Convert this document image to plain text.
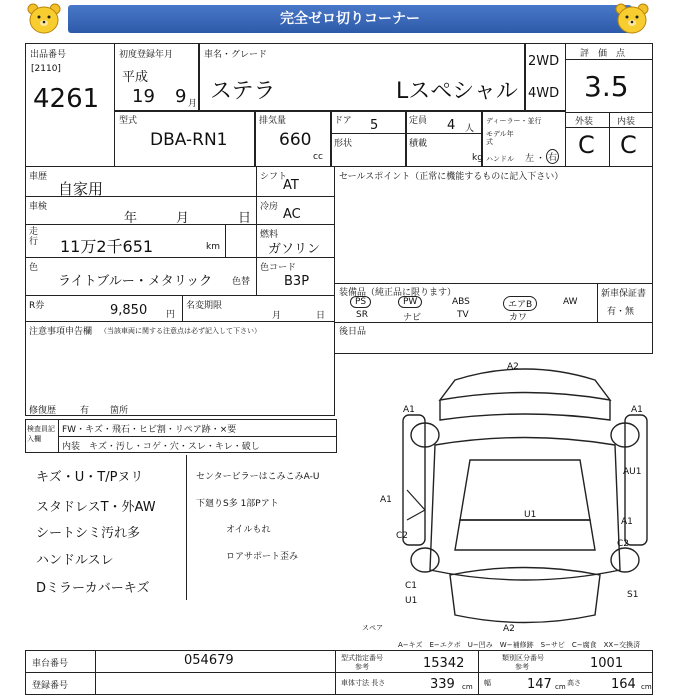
完全ゼロ切りコーナー
出品番号
[2110]
4261
初度登録年月
平成
19 9 月
車名・グレード
ステラ	Lスペシャル
2WD
4WD
型式
DBA-RN1
排気量
660
cc
ドア 5	定員 4 人
ディーラー・並行
形状	積載
kg
モデル年式
ハンドル 左 ・ 右
評　価　点
3.5
外装	内装
C C
車歴
自家用
シフト
AT
車検
年	月	日
冷房 AC
走行 11万2千651	km
燃料
ガソリン
色
ライトブルー・メタリック 色替
色コード
B3P
R券	9,850 円
名変期限
月	日
注意事項申告欄 （当該車両に関する注意点は必ず記入して下さい）
修復歴	有 箇所
セールスポイント（正常に機能するものに記入下さい）
装備品（純正品に限ります）
PS	PW	ABS	エアB	AW
SR	ナビ	TV	カワ
新車保証書
有・無
後日品
検査員記入欄
FW・キズ・飛石・ヒビ割・リペア跡・×要
内装　キズ・汚し・コゲ・穴・スレ・キレ・破し
キズ・U・T/Pヌリ
スタドレスT・外AW
シートシミ汚れ多
ハンドルスレ
Dミラーカバーキズ
センタービラーはこみこみA-U
下廻りS多 1部Pアト
オイルもれ
ロアサポート歪み
A2
A1	A1
AU1
U1
A1
A1
C2
C2
C1
U1
S1
A2
スペア
A−キズ　E−エクボ　U−凹み　W−補修跡　S−サビ　C−腐食　XX−交換済
車台番号	054679
登録番号
型式指定番号
参考	15342	類別区分番号
参考	1001
車体寸法 長さ	339 cm 幅	147 cm 高さ 164 cm
